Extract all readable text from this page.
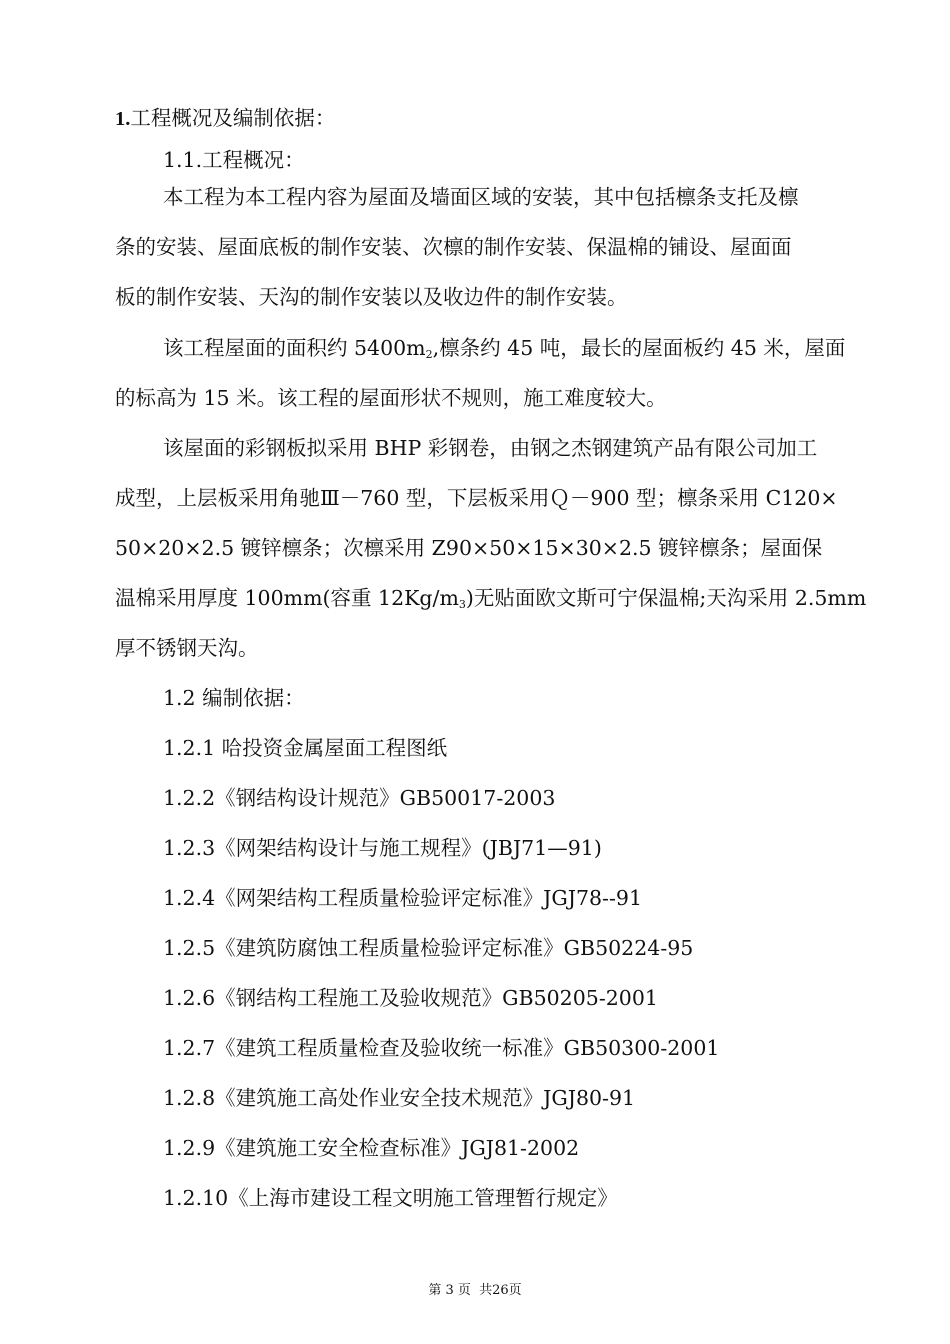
1.工程概况及编制依据：
1.1.工程概况：
本工程为本工程内容为屋面及墙面区域的安装，其中包括檩条支托及檩
条的安装、屋面底板的制作安装、次檩的制作安装、保温棉的铺设、屋面面
板的制作安装、天沟的制作安装以及收边件的制作安装。
该工程屋面的面积约 $5400m_2$,檩条约 45 吨，最长的屋面板约 45 米，屋面
的标高为 15 米。该工程的屋面形状不规则，施工难度较大。
该屋面的彩钢板拟采用 BHP 彩钢卷，由钢之杰钢建筑产品有限公司加工
成型，上层板采用角驰Ⅲ－760 型，下层板采用Ｑ－900 型；檩条采用 C120×
50×20×2.5 镀锌檩条；次檩采用 Z90×50×15×30×2.5 镀锌檩条；屋面保
温棉采用厚度 100mm(容重 $12Kg/m_3$)无贴面欧文斯可宁保温棉;天沟采用 2.5mm
厚不锈钢天沟。
1.2 编制依据：
1.2.1 哈投资金属屋面工程图纸
1.2.2《钢结构设计规范》GB50017-2003
1.2.3《网架结构设计与施工规程》(JBJ71—91)
1.2.4《网架结构工程质量检验评定标准》JGJ78--91
1.2.5《建筑防腐蚀工程质量检验评定标准》GB50224-95
1.2.6《钢结构工程施工及验收规范》GB50205-2001
1.2.7《建筑工程质量检查及验收统一标准》GB50300-2001
1.2.8《建筑施工高处作业安全技术规范》JGJ80-91
1.2.9《建筑施工安全检查标准》JGJ81-2002
1.2.10《上海市建设工程文明施工管理暂行规定》
第 3 页  共26页
